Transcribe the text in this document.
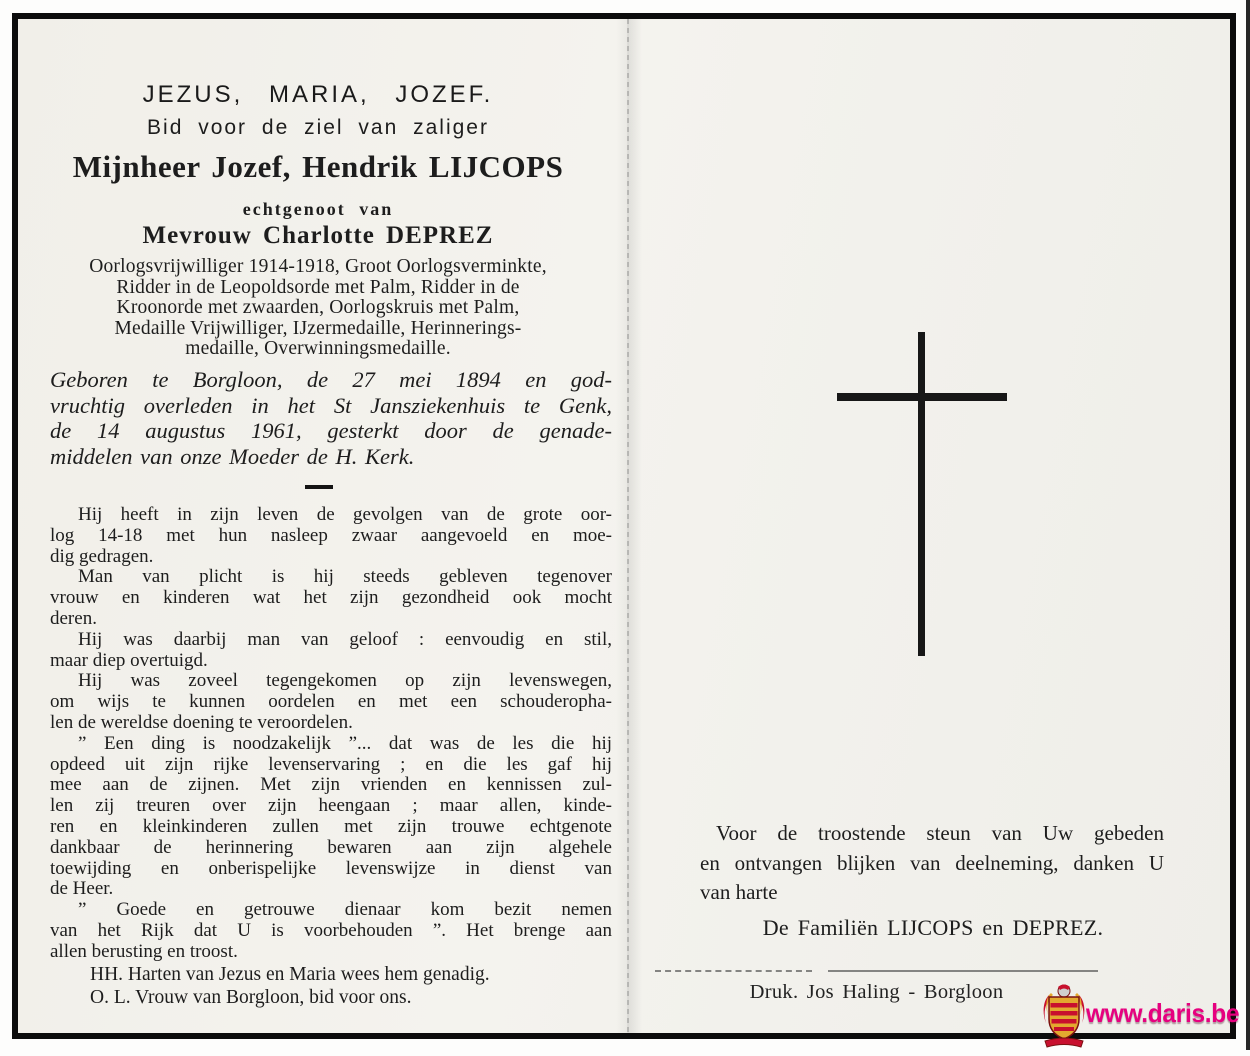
JEZUS, MARIA, JOZEF.
Bid voor de ziel van zaliger
Mijnheer Jozef, Hendrik LIJCOPS
echtgenoot van
Mevrouw Charlotte DEPREZ
Oorlogsvrijwilliger 1914-1918, Groot Oorlogsverminkte,
Ridder in de Leopoldsorde met Palm, Ridder in de
Kroonorde met zwaarden, Oorlogskruis met Palm,
Medaille Vrijwilliger, IJzermedaille, Herinnerings-
medaille, Overwinningsmedaille.
Geboren te Borgloon, de 27 mei 1894 en god-
vruchtig overleden in het St Jansziekenhuis te Genk,
de 14 augustus 1961, gesterkt door de genade-
middelen van onze Moeder de H. Kerk.
Hij heeft in zijn leven de gevolgen van de grote oor-
log 14-18 met hun nasleep zwaar aangevoeld en moe-
dig gedragen.
Man van plicht is hij steeds gebleven tegenover
vrouw en kinderen wat het zijn gezondheid ook mocht
deren.
Hij was daarbij man van geloof : eenvoudig en stil,
maar diep overtuigd.
Hij was zoveel tegengekomen op zijn levenswegen,
om wijs te kunnen oordelen en met een schouderopha-
len de wereldse doening te veroordelen.
” Een ding is noodzakelijk ”... dat was de les die hij
opdeed uit zijn rijke levenservaring ; en die les gaf hij
mee aan de zijnen. Met zijn vrienden en kennissen zul-
len zij treuren over zijn heengaan ; maar allen, kinde-
ren en kleinkinderen zullen met zijn trouwe echtgenote
dankbaar de herinnering bewaren aan zijn algehele
toewijding en onberispelijke levenswijze in dienst van
de Heer.
” Goede en getrouwe dienaar kom bezit nemen
van het Rijk dat U is voorbehouden ”. Het brenge aan
allen berusting en troost.
HH. Harten van Jezus en Maria wees hem genadig.
O. L. Vrouw van Borgloon, bid voor ons.
Voor de troostende steun van Uw gebeden
en ontvangen blijken van deelneming, danken U
van harte
De Familiën LIJCOPS en DEPREZ.
Druk. Jos Haling - Borgloon
www.daris.be
